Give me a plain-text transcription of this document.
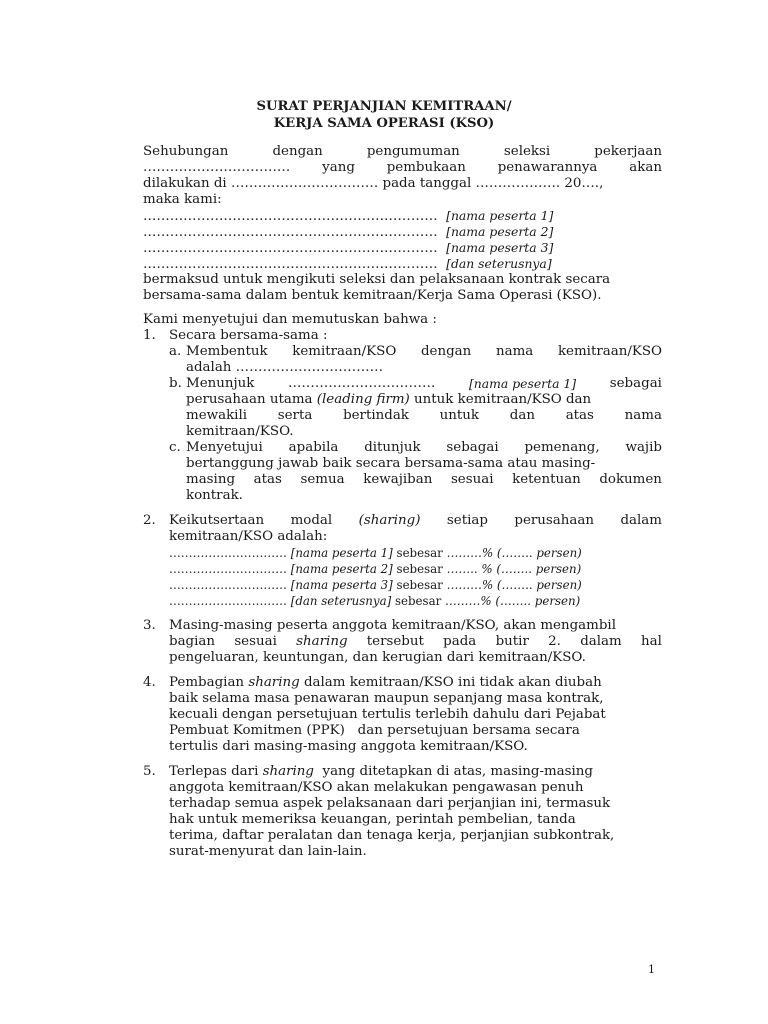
SURAT PERJANJIAN KEMITRAAN/
KERJA SAMA OPERASI (KSO)
Sehubungan	dengan	pengumuman	seleksi	pekerjaan
…………………………… yang pembukaan penawarannya akan
dilakukan di …………………………… pada tanggal ………………. 20….,
maka kami:
………………………………………………………… [nama peserta 1]
………………………………………………………… [nama peserta 2]
………………………………………………………… [nama peserta 3]
………………………………………………………… [dan seterusnya]
bermaksud untuk mengikuti seleksi dan pelaksanaan kontrak secara
bersama-sama dalam bentuk kemitraan/Kerja Sama Operasi (KSO).
Kami menyetujui dan memutuskan bahwa :
1. Secara bersama-sama :
a. Membentuk kemitraan/KSO dengan nama kemitraan/KSO
adalah ……………………………
b. Menunjuk	……………………………	[nama peserta 1]	sebagai
perusahaan utama (leading firm) untuk kemitraan/KSO dan
mewakili serta bertindak untuk dan atas nama
kemitraan/KSO.
c. Menyetujui apabila ditunjuk sebagai pemenang, wajib
bertanggung jawab baik secara bersama-sama atau masing-
masing atas semua kewajiban sesuai ketentuan dokumen
kontrak.
2. Keikutsertaan modal (sharing) setiap perusahaan dalam
kemitraan/KSO adalah:
………………………… [nama peserta 1] sebesar ………% (…….. persen)
………………………… [nama peserta 2] sebesar …….. % (…….. persen)
………………………… [nama peserta 3] sebesar ………% (…….. persen)
………………………… [dan seterusnya] sebesar ………% (…….. persen)
3. Masing-masing peserta anggota kemitraan/KSO, akan mengambil
bagian sesuai sharing tersebut pada butir 2. dalam hal
pengeluaran, keuntungan, dan kerugian dari kemitraan/KSO.
4. Pembagian sharing dalam kemitraan/KSO ini tidak akan diubah
baik selama masa penawaran maupun sepanjang masa kontrak,
kecuali dengan persetujuan tertulis terlebih dahulu dari Pejabat
Pembuat Komitmen (PPK) dan persetujuan bersama secara
tertulis dari masing-masing anggota kemitraan/KSO.
5. Terlepas dari sharing yang ditetapkan di atas, masing-masing
anggota kemitraan/KSO akan melakukan pengawasan penuh
terhadap semua aspek pelaksanaan dari perjanjian ini, termasuk
hak untuk memeriksa keuangan, perintah pembelian, tanda
terima, daftar peralatan dan tenaga kerja, perjanjian subkontrak,
surat-menyurat dan lain-lain.
1
